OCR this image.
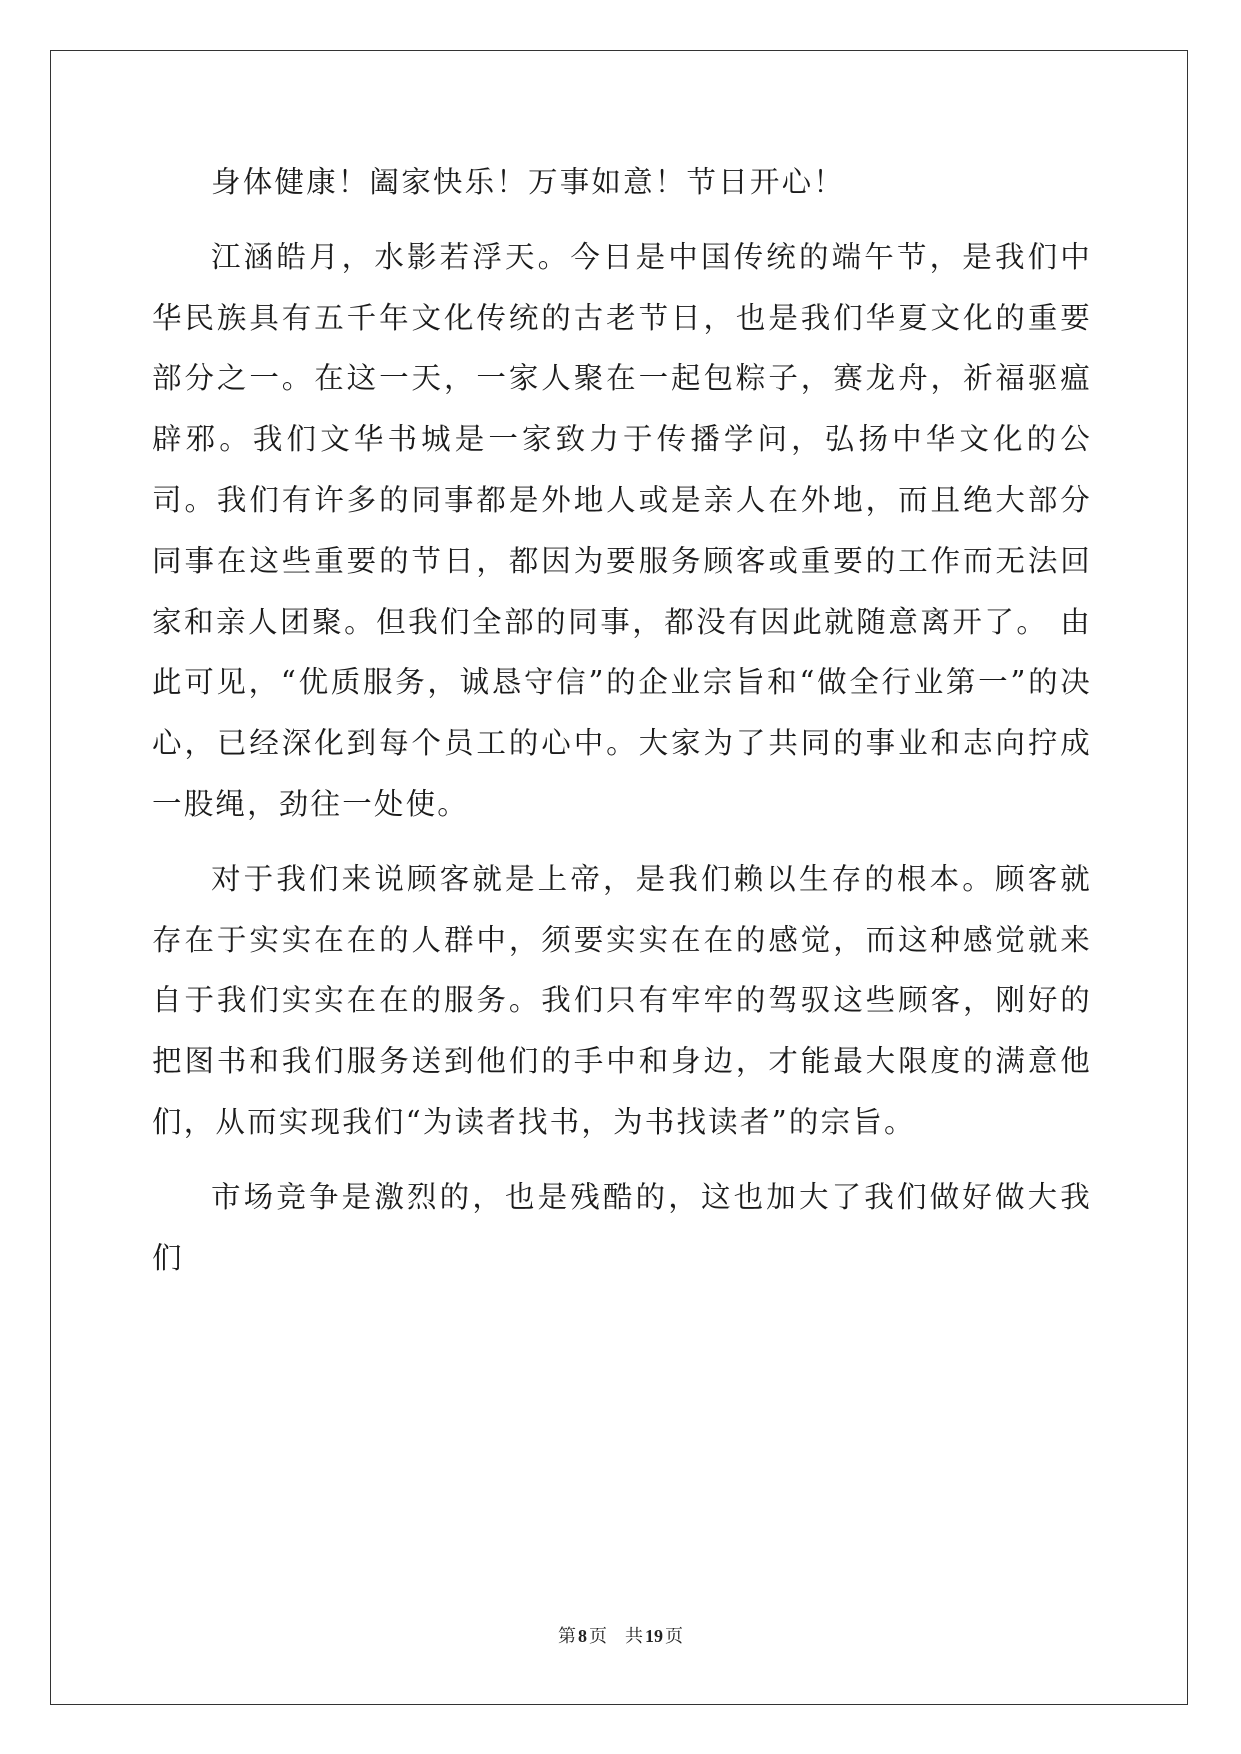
身体健康！阖家快乐！万事如意！节日开心！

江涵皓月，水影若浮天。今日是中国传统的端午节，是我们中华民族具有五千年文化传统的古老节日，也是我们华夏文化的重要部分之一。在这一天，一家人聚在一起包粽子，赛龙舟，祈福驱瘟辟邪。我们文华书城是一家致力于传播学问，弘扬中华文化的公司。我们有许多的同事都是外地人或是亲人在外地，而且绝大部分同事在这些重要的节日，都因为要服务顾客或重要的工作而无法回家和亲人团聚。但我们全部的同事，都没有因此就随意离开了。 由此可见，“优质服务，诚恳守信”的企业宗旨和“做全行业第一”的决心，已经深化到每个员工的心中。大家为了共同的事业和志向拧成一股绳，劲往一处使。

对于我们来说顾客就是上帝，是我们赖以生存的根本。顾客就存在于实实在在的人群中，须要实实在在的感觉，而这种感觉就来自于我们实实在在的服务。我们只有牢牢的驾驭这些顾客，刚好的把图书和我们服务送到他们的手中和身边，才能最大限度的满意他们，从而实现我们“为读者找书，为书找读者”的宗旨。

市场竞争是激烈的，也是残酷的，这也加大了我们做好做大我们

第 8 页 共 19 页
